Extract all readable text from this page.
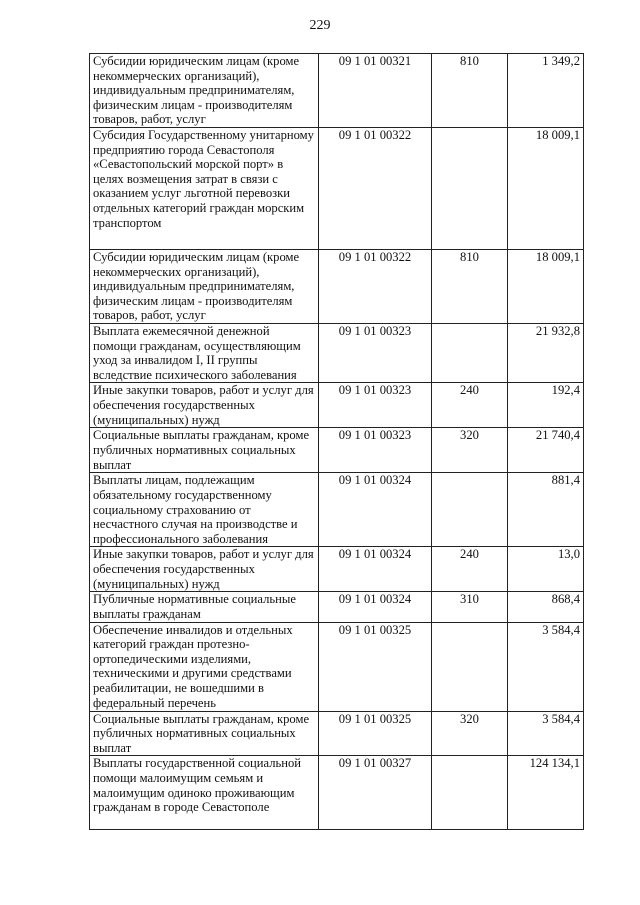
229
Субсидии юридическим лицам (кроме некоммерческих организаций), индивидуальным предпринимателям, физическим лицам - производителям товаров, работ, услуг	09 1 01 00321	810	1 349,2
Субсидия Государственному унитарному предприятию города Севастополя «Севастопольский морской порт» в целях возмещения затрат в связи с оказанием услуг льготной перевозки отдельных категорий граждан морским транспортом	09 1 01 00322		18 009,1
Субсидии юридическим лицам (кроме некоммерческих организаций), индивидуальным предпринимателям, физическим лицам - производителям товаров, работ, услуг	09 1 01 00322	810	18 009,1
Выплата ежемесячной денежной помощи гражданам, осуществляющим уход за инвалидом I, II группы вследствие психического заболевания	09 1 01 00323		21 932,8
Иные закупки товаров, работ и услуг для обеспечения государственных (муниципальных) нужд	09 1 01 00323	240	192,4
Социальные выплаты гражданам, кроме публичных нормативных социальных выплат	09 1 01 00323	320	21 740,4
Выплаты лицам, подлежащим обязательному государственному социальному страхованию от несчастного случая на производстве и профессионального заболевания	09 1 01 00324		881,4
Иные закупки товаров, работ и услуг для обеспечения государственных (муниципальных) нужд	09 1 01 00324	240	13,0
Публичные нормативные социальные выплаты гражданам	09 1 01 00324	310	868,4
Обеспечение инвалидов и отдельных категорий граждан протезно-ортопедическими изделиями, техническими и другими средствами реабилитации, не вошедшими в федеральный перечень	09 1 01 00325		3 584,4
Социальные выплаты гражданам, кроме публичных нормативных социальных выплат	09 1 01 00325	320	3 584,4
Выплаты государственной социальной помощи малоимущим семьям и малоимущим одиноко проживающим гражданам в городе Севастополе	09 1 01 00327		124 134,1
